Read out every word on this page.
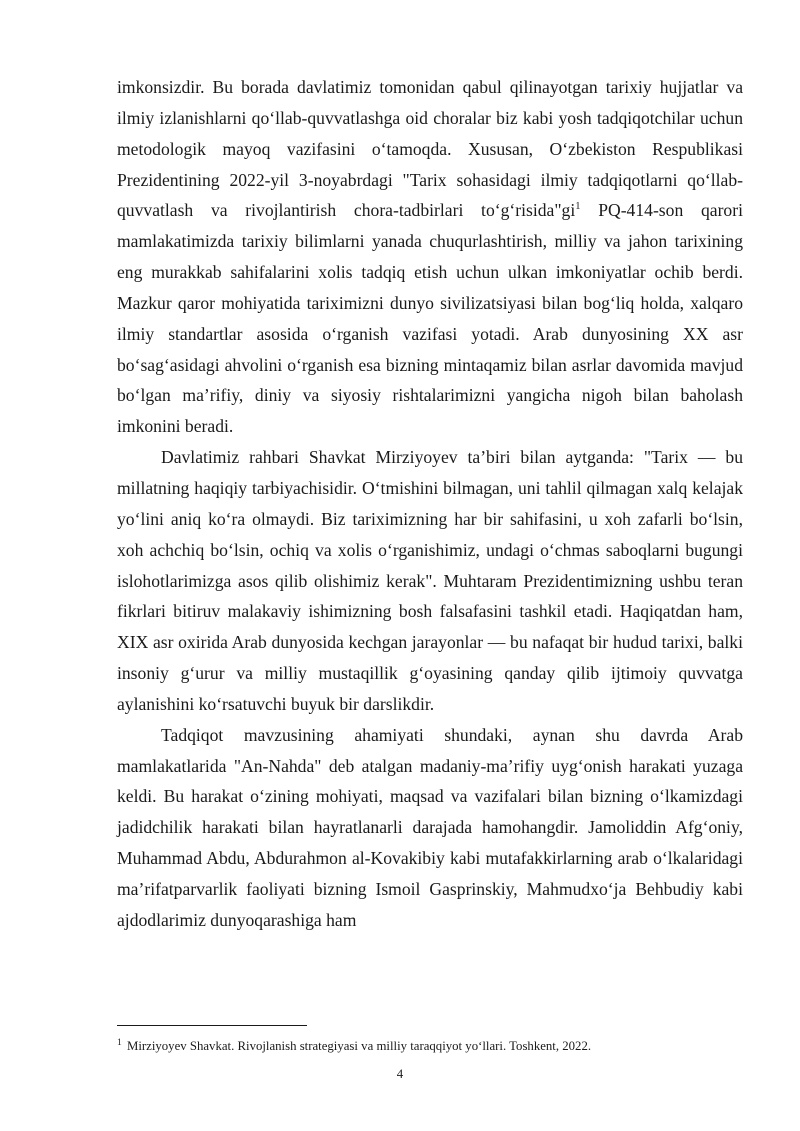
imkonsizdir. Bu borada davlatimiz tomonidan qabul qilinayotgan tarixiy hujjatlar va ilmiy izlanishlarni qo‘llab-quvvatlashga oid choralar biz kabi yosh tadqiqotchilar uchun metodologik mayoq vazifasini o‘tamoqda. Xususan, O‘zbekiston Respublikasi Prezidentining 2022-yil 3-noyabrdagi "Tarix sohasidagi ilmiy tadqiqotlarni qo‘llab-quvvatlash va rivojlantirish chora-tadbirlari to‘g‘risida"gi$^1$ PQ-414-son qarori mamlakatimizda tarixiy bilimlarni yanada chuqurlashtirish, milliy va jahon tarixining eng murakkab sahifalarini xolis tadqiq etish uchun ulkan imkoniyatlar ochib berdi. Mazkur qaror mohiyatida tariximizni dunyo sivilizatsiyasi bilan bog‘liq holda, xalqaro ilmiy standartlar asosida o‘rganish vazifasi yotadi. Arab dunyosining XX asr bo‘sag‘asidagi ahvolini o‘rganish esa bizning mintaqamiz bilan asrlar davomida mavjud bo‘lgan ma’rifiy, diniy va siyosiy rishtalarimizni yangicha nigoh bilan baholash imkonini beradi.

Davlatimiz rahbari Shavkat Mirziyoyev ta’biri bilan aytganda: "Tarix — bu millatning haqiqiy tarbiyachisidir. O‘tmishini bilmagan, uni tahlil qilmagan xalq kelajak yo‘lini aniq ko‘ra olmaydi. Biz tariximizning har bir sahifasini, u xoh zafarli bo‘lsin, xoh achchiq bo‘lsin, ochiq va xolis o‘rganishimiz, undagi o‘chmas saboqlarni bugungi islohotlarimizga asos qilib olishimiz kerak". Muhtaram Prezidentimizning ushbu teran fikrlari bitiruv malakaviy ishimizning bosh falsafasini tashkil etadi. Haqiqatdan ham, XIX asr oxirida Arab dunyosida kechgan jarayonlar — bu nafaqat bir hudud tarixi, balki insoniy g‘urur va milliy mustaqillik g‘oyasining qanday qilib ijtimoiy quvvatga aylanishini ko‘rsatuvchi buyuk bir darslikdir.

Tadqiqot mavzusining ahamiyati shundaki, aynan shu davrda Arab mamlakatlarida "An-Nahda" deb atalgan madaniy-ma’rifiy uyg‘onish harakati yuzaga keldi. Bu harakat o‘zining mohiyati, maqsad va vazifalari bilan bizning o‘lkamizdagi jadidchilik harakati bilan hayratlanarli darajada hamohangdir. Jamoliddin Afg‘oniy, Muhammad Abdu, Abdurahmon al-Kovakibiy kabi mutafakkirlarning arab o‘lkalaridagi ma’rifatparvarlik faoliyati bizning Ismoil Gasprinskiy, Mahmudxo‘ja Behbudiy kabi ajdodlarimiz dunyoqarashiga ham

$^1$ Mirziyoyev Shavkat. Rivojlanish strategiyasi va milliy taraqqiyot yo‘llari. Toshkent, 2022.
4
